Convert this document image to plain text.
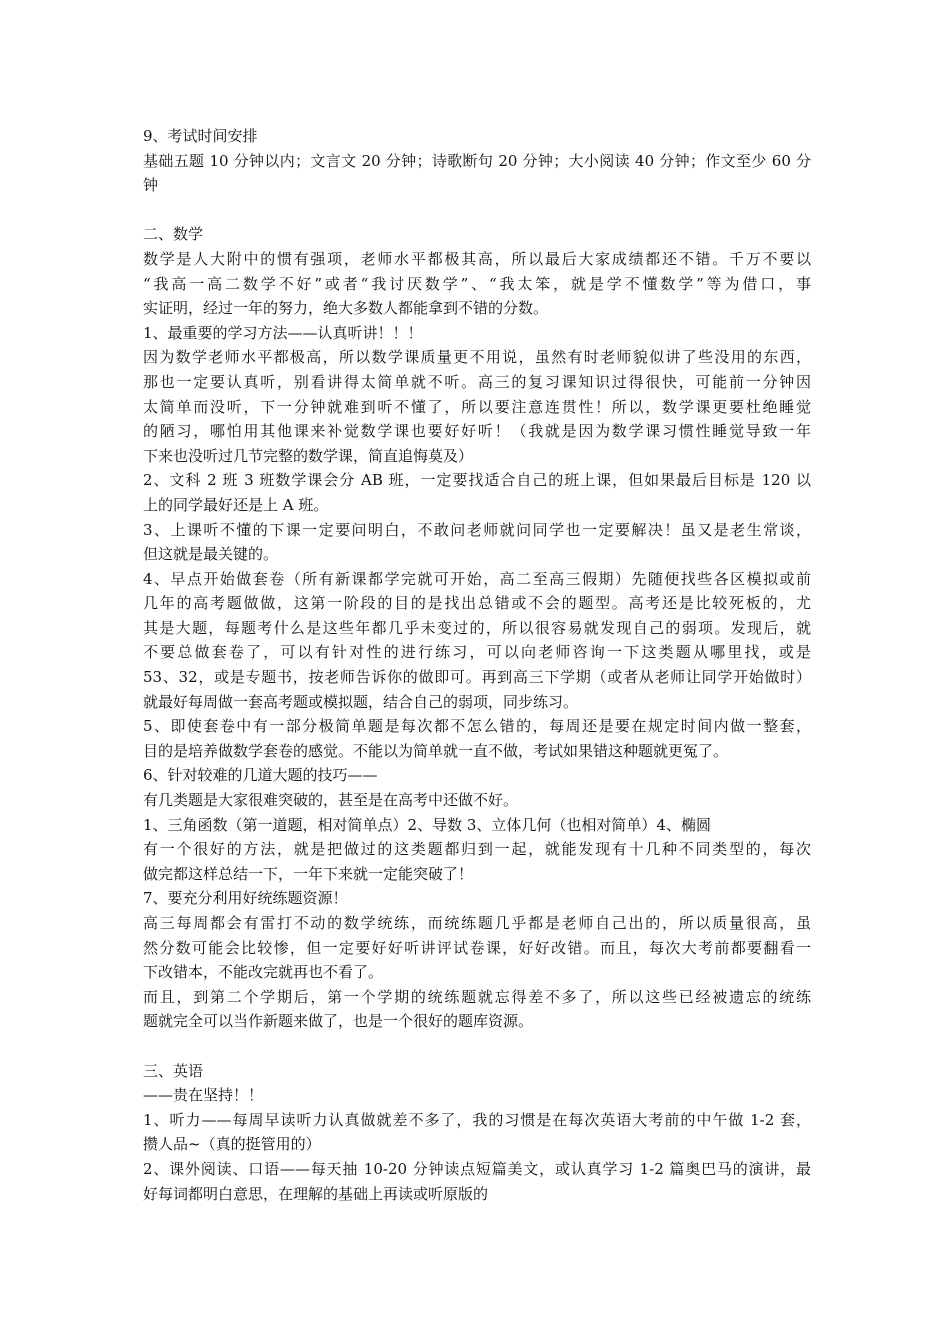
9、考试时间安排
基础五题 10 分钟以内；文言文 20 分钟；诗歌断句 20 分钟；大小阅读 40 分钟；作文至少 60 分
钟
二、数学
数学是人大附中的惯有强项，老师水平都极其高，所以最后大家成绩都还不错。千万不要以
“我高一高二数学不好”或者“我讨厌数学”、“我太笨，就是学不懂数学”等为借口，事
实证明，经过一年的努力，绝大多数人都能拿到不错的分数。
1、最重要的学习方法——认真听讲！！！
因为数学老师水平都极高，所以数学课质量更不用说，虽然有时老师貌似讲了些没用的东西，
那也一定要认真听，别看讲得太简单就不听。高三的复习课知识过得很快，可能前一分钟因
太简单而没听，下一分钟就难到听不懂了，所以要注意连贯性！所以，数学课更要杜绝睡觉
的陋习，哪怕用其他课来补觉数学课也要好好听！（我就是因为数学课习惯性睡觉导致一年
下来也没听过几节完整的数学课，简直追悔莫及）
2、文科 2 班 3 班数学课会分 AB 班，一定要找适合自己的班上课，但如果最后目标是 120 以
上的同学最好还是上 A 班。
3、上课听不懂的下课一定要问明白，不敢问老师就问同学也一定要解决！虽又是老生常谈，
但这就是最关键的。
4、早点开始做套卷（所有新课都学完就可开始，高二至高三假期）先随便找些各区模拟或前
几年的高考题做做，这第一阶段的目的是找出总错或不会的题型。高考还是比较死板的，尤
其是大题，每题考什么是这些年都几乎未变过的，所以很容易就发现自己的弱项。发现后，就
不要总做套卷了，可以有针对性的进行练习，可以向老师咨询一下这类题从哪里找，或是
53、32，或是专题书，按老师告诉你的做即可。再到高三下学期（或者从老师让同学开始做时）
就最好每周做一套高考题或模拟题，结合自己的弱项，同步练习。
5、即使套卷中有一部分极简单题是每次都不怎么错的，每周还是要在规定时间内做一整套，
目的是培养做数学套卷的感觉。不能以为简单就一直不做，考试如果错这种题就更冤了。
6、针对较难的几道大题的技巧——
有几类题是大家很难突破的，甚至是在高考中还做不好。
1、三角函数（第一道题，相对简单点）2、导数 3、立体几何（也相对简单）4、椭圆
有一个很好的方法，就是把做过的这类题都归到一起，就能发现有十几种不同类型的，每次
做完都这样总结一下，一年下来就一定能突破了！
7、要充分利用好统练题资源！
高三每周都会有雷打不动的数学统练，而统练题几乎都是老师自己出的，所以质量很高，虽
然分数可能会比较惨，但一定要好好听讲评试卷课，好好改错。而且，每次大考前都要翻看一
下改错本，不能改完就再也不看了。
而且，到第二个学期后，第一个学期的统练题就忘得差不多了，所以这些已经被遗忘的统练
题就完全可以当作新题来做了，也是一个很好的题库资源。
三、英语
——贵在坚持！！
1、听力——每周早读听力认真做就差不多了，我的习惯是在每次英语大考前的中午做 1-2 套，
攒人品~（真的挺管用的）
2、课外阅读、口语——每天抽 10-20 分钟读点短篇美文，或认真学习 1-2 篇奥巴马的演讲，最
好每词都明白意思，在理解的基础上再读或听原版的
